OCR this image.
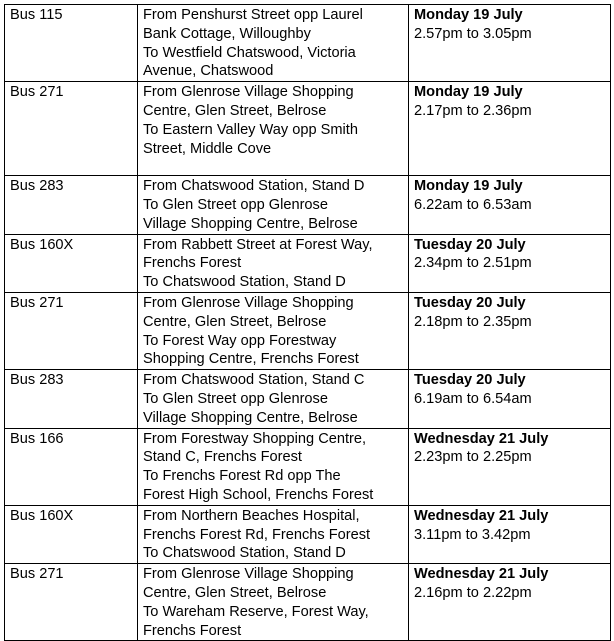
Bus 115	From Penshurst Street opp Laurel
Bank Cottage, Willoughby
To Westfield Chatswood, Victoria
Avenue, Chatswood	Monday 19 July
2.57pm to 3.05pm

Bus 271	From Glenrose Village Shopping
Centre, Glen Street, Belrose
To Eastern Valley Way opp Smith
Street, Middle Cove	Monday 19 July
2.17pm to 2.36pm

Bus 283	From Chatswood Station, Stand D
To Glen Street opp Glenrose
Village Shopping Centre, Belrose	Monday 19 July
6.22am to 6.53am

Bus 160X	From Rabbett Street at Forest Way,
Frenchs Forest
To Chatswood Station, Stand D	Tuesday 20 July
2.34pm to 2.51pm

Bus 271	From Glenrose Village Shopping
Centre, Glen Street, Belrose
To Forest Way opp Forestway
Shopping Centre, Frenchs Forest	Tuesday 20 July
2.18pm to 2.35pm

Bus 283	From Chatswood Station, Stand C
To Glen Street opp Glenrose
Village Shopping Centre, Belrose	Tuesday 20 July
6.19am to 6.54am

Bus 166	From Forestway Shopping Centre,
Stand C, Frenchs Forest
To Frenchs Forest Rd opp The
Forest High School, Frenchs Forest	Wednesday 21 July
2.23pm to 2.25pm

Bus 160X	From Northern Beaches Hospital,
Frenchs Forest Rd, Frenchs Forest
To Chatswood Station, Stand D	Wednesday 21 July
3.11pm to 3.42pm

Bus 271	From Glenrose Village Shopping
Centre, Glen Street, Belrose
To Wareham Reserve, Forest Way,
Frenchs Forest	Wednesday 21 July
2.16pm to 2.22pm
